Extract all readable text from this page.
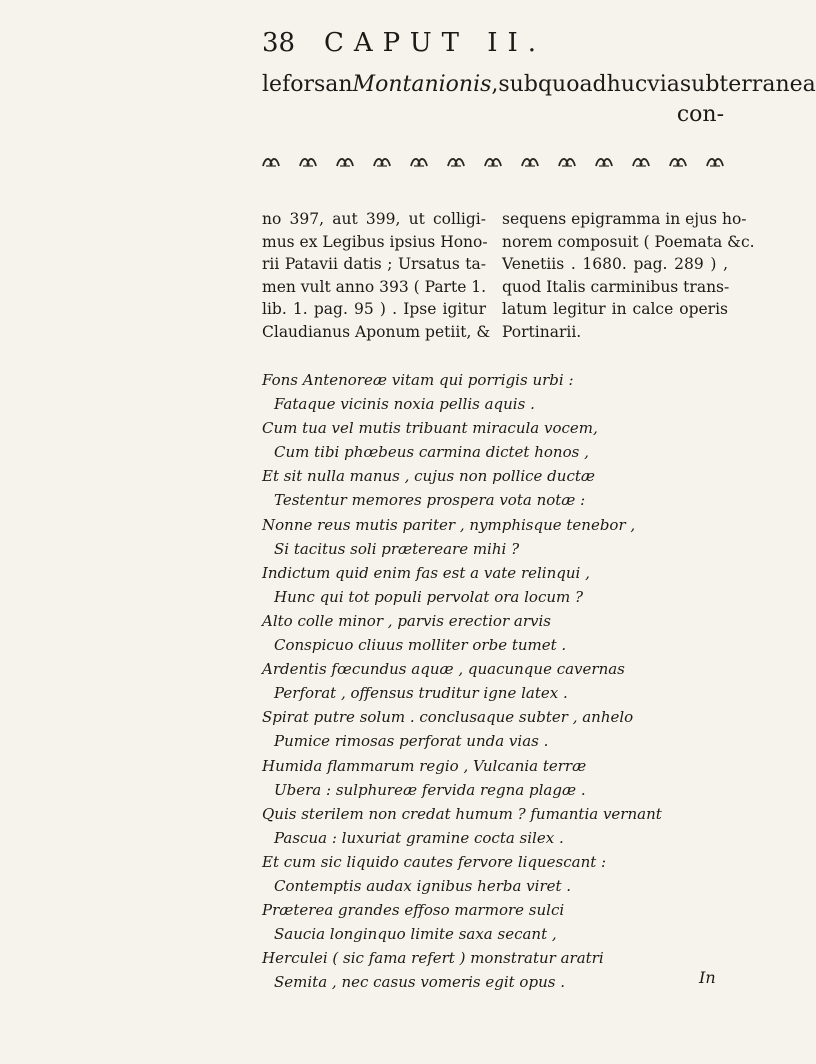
38 CAPUT II.
le forsan Montanionis , sub quo adhuc via subterranea
con-
no 397, aut 399, ut colligi-
mus ex Legibus ipsius Hono-
rii Patavii datis ; Ursatus ta-
men vult anno 393 ( Parte 1.
lib. 1. pag. 95 ) . Ipse igitur
Claudianus Aponum petiit, &
sequens epigramma in ejus ho-
norem composuit ( Poemata &c.
Venetiis . 1680. pag. 289 ) ,
quod Italis carminibus trans-
latum legitur in calce operis
Portinarii.
Fons Antenoreæ vitam qui porrigis urbi :
Fataque vicinis noxia pellis aquis .
Cum tua vel mutis tribuant miracula vocem,
Cum tibi phœbeus carmina dictet honos ,
Et sit nulla manus , cujus non pollice ductæ
Testentur memores prospera vota notæ :
Nonne reus mutis pariter , nymphisque tenebor ,
Si tacitus soli prætereare mihi ?
Indictum quid enim fas est a vate relinqui ,
Hunc qui tot populi pervolat ora locum ?
Alto colle minor , parvis erectior arvis
Conspicuo cliuus molliter orbe tumet .
Ardentis fœcundus aquæ , quacunque cavernas
Perforat , offensus truditur igne latex .
Spirat putre solum . conclusaque subter , anhelo
Pumice rimosas perforat unda vias .
Humida flammarum regio , Vulcania terræ
Ubera : sulphureæ fervida regna plagæ .
Quis sterilem non credat humum ? fumantia vernant
Pascua : luxuriat gramine cocta silex .
Et cum sic liquido cautes fervore liquescant :
Contemptis audax ignibus herba viret .
Præterea grandes effoso marmore sulci
Saucia longinquo limite saxa secant ,
Herculei ( sic fama refert ) monstratur aratri
Semita , nec casus vomeris egit opus .	In
